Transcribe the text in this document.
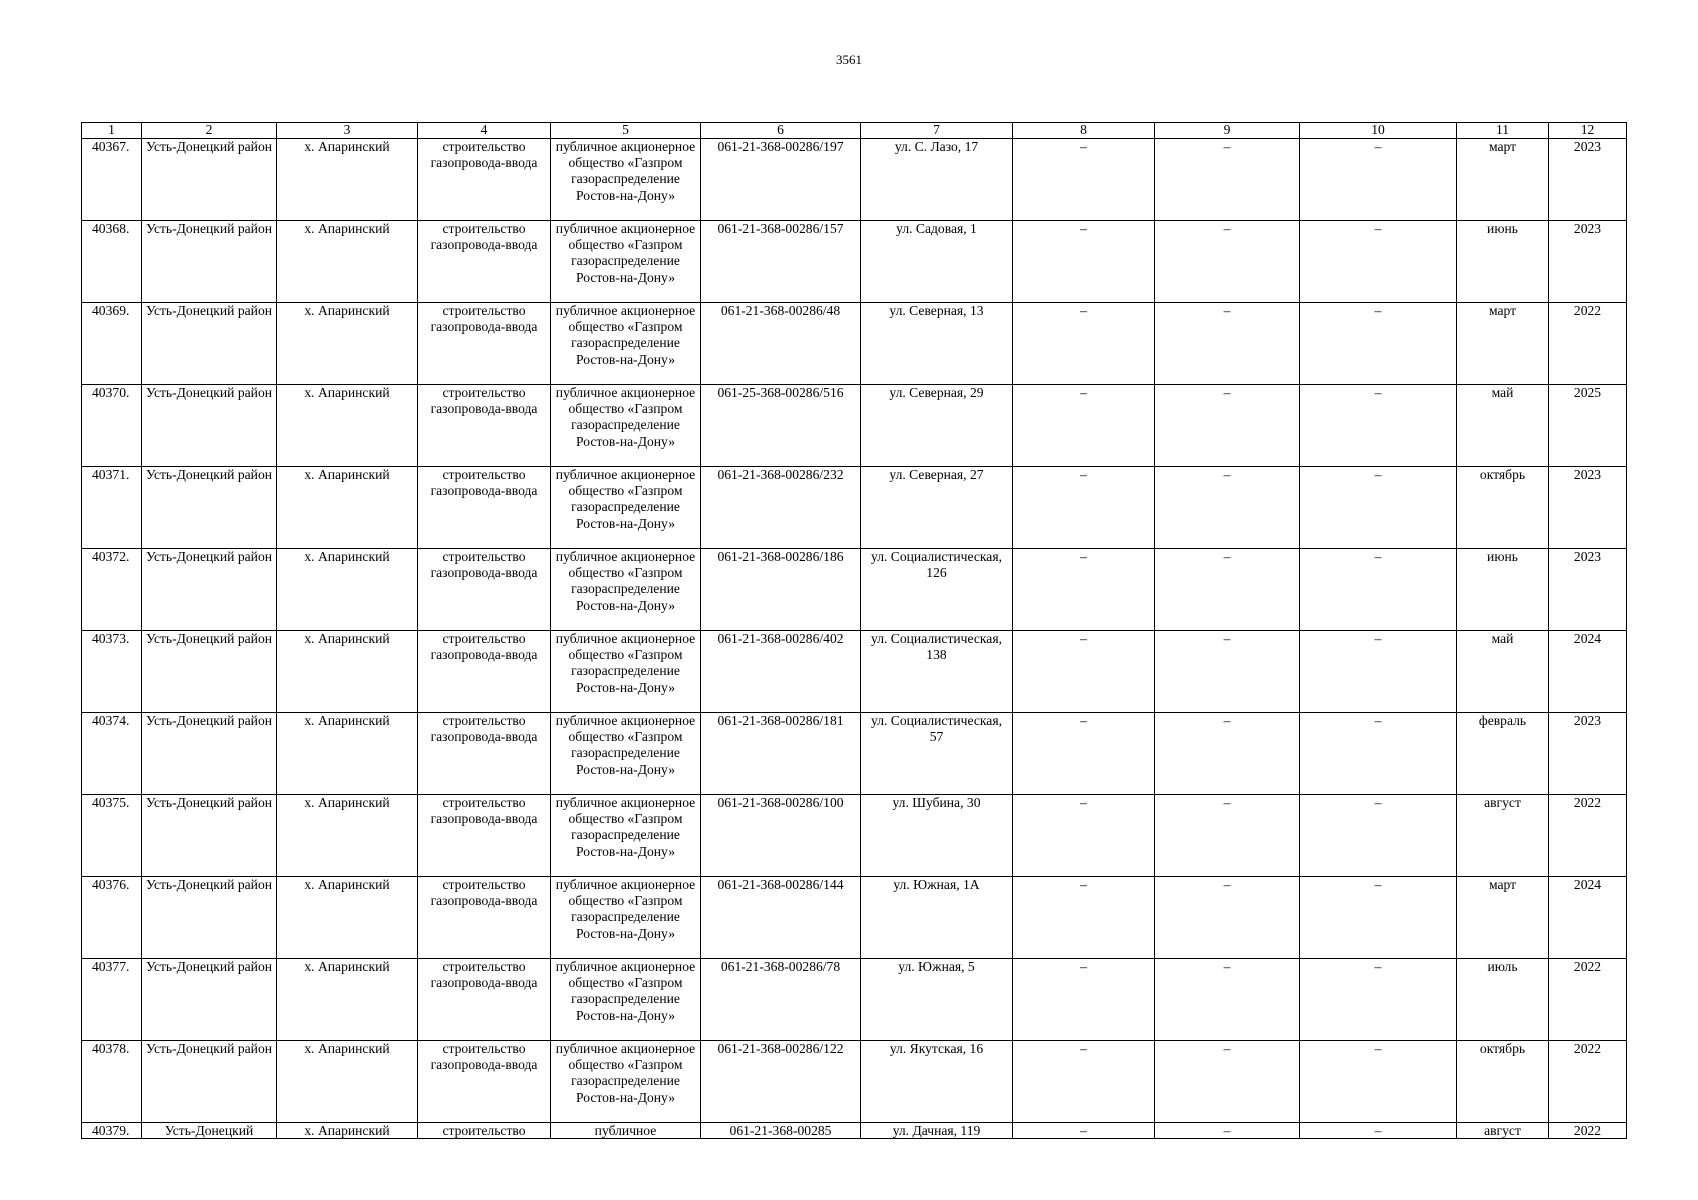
3561
1	2	3	4	5	6	7	8	9	10	11	12
40367.	Усть-Донецкий район	х. Апаринский	строительство газопровода-ввода	публичное акционерное общество «Газпром газораспределение Ростов-на-Дону»	061-21-368-00286/197	ул. С. Лазо, 17	–	–	–	март	2023
40368.	Усть-Донецкий район	х. Апаринский	строительство газопровода-ввода	публичное акционерное общество «Газпром газораспределение Ростов-на-Дону»	061-21-368-00286/157	ул. Садовая, 1	–	–	–	июнь	2023
40369.	Усть-Донецкий район	х. Апаринский	строительство газопровода-ввода	публичное акционерное общество «Газпром газораспределение Ростов-на-Дону»	061-21-368-00286/48	ул. Северная, 13	–	–	–	март	2022
40370.	Усть-Донецкий район	х. Апаринский	строительство газопровода-ввода	публичное акционерное общество «Газпром газораспределение Ростов-на-Дону»	061-25-368-00286/516	ул. Северная, 29	–	–	–	май	2025
40371.	Усть-Донецкий район	х. Апаринский	строительство газопровода-ввода	публичное акционерное общество «Газпром газораспределение Ростов-на-Дону»	061-21-368-00286/232	ул. Северная, 27	–	–	–	октябрь	2023
40372.	Усть-Донецкий район	х. Апаринский	строительство газопровода-ввода	публичное акционерное общество «Газпром газораспределение Ростов-на-Дону»	061-21-368-00286/186	ул. Социалистическая, 126	–	–	–	июнь	2023
40373.	Усть-Донецкий район	х. Апаринский	строительство газопровода-ввода	публичное акционерное общество «Газпром газораспределение Ростов-на-Дону»	061-21-368-00286/402	ул. Социалистическая, 138	–	–	–	май	2024
40374.	Усть-Донецкий район	х. Апаринский	строительство газопровода-ввода	публичное акционерное общество «Газпром газораспределение Ростов-на-Дону»	061-21-368-00286/181	ул. Социалистическая, 57	–	–	–	февраль	2023
40375.	Усть-Донецкий район	х. Апаринский	строительство газопровода-ввода	публичное акционерное общество «Газпром газораспределение Ростов-на-Дону»	061-21-368-00286/100	ул. Шубина, 30	–	–	–	август	2022
40376.	Усть-Донецкий район	х. Апаринский	строительство газопровода-ввода	публичное акционерное общество «Газпром газораспределение Ростов-на-Дону»	061-21-368-00286/144	ул. Южная, 1А	–	–	–	март	2024
40377.	Усть-Донецкий район	х. Апаринский	строительство газопровода-ввода	публичное акционерное общество «Газпром газораспределение Ростов-на-Дону»	061-21-368-00286/78	ул. Южная, 5	–	–	–	июль	2022
40378.	Усть-Донецкий район	х. Апаринский	строительство газопровода-ввода	публичное акционерное общество «Газпром газораспределение Ростов-на-Дону»	061-21-368-00286/122	ул. Якутская, 16	–	–	–	октябрь	2022
40379.	Усть-Донецкий	х. Апаринский	строительство	публичное	061-21-368-00285	ул. Дачная, 119	–	–	–	август	2022
